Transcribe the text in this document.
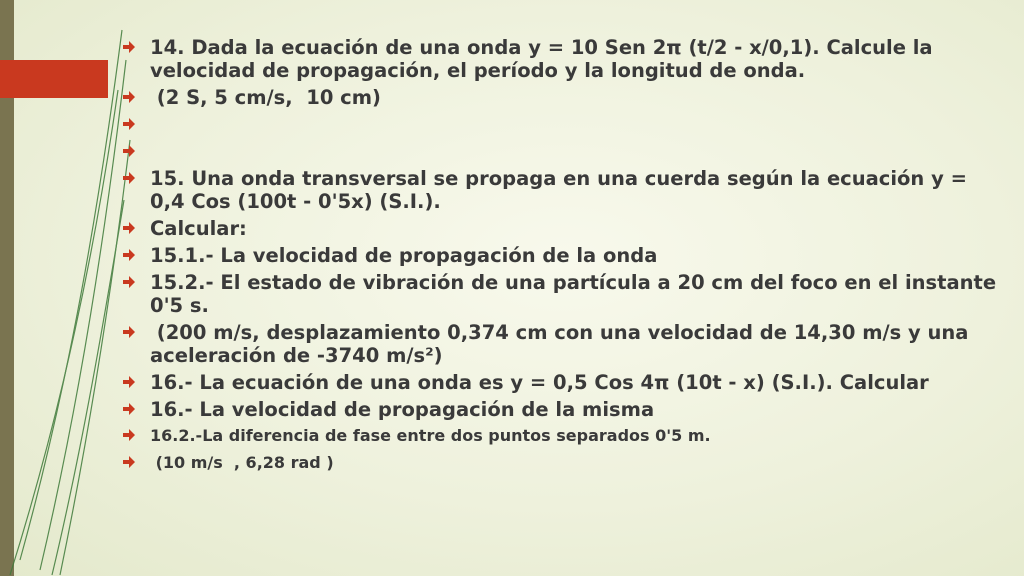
14. Dada la ecuación de una onda y = 10 Sen 2π (t/2 - x/0,1). Calcule la velocidad de propagación, el período y la longitud de onda.
(2 S, 5 cm/s,  10 cm)
15. Una onda transversal se propaga en una cuerda según la ecuación y = 0,4 Cos (100t - 0'5x) (S.I.).
Calcular:
15.1.- La velocidad de propagación de la onda
15.2.- El estado de vibración de una partícula a 20 cm del foco en el instante 0'5 s.
(200 m/s, desplazamiento 0,374 cm con una velocidad de 14,30 m/s y una aceleración de -3740 m/s²)
16.- La ecuación de una onda es y = 0,5 Cos 4π (10t - x) (S.I.). Calcular
16.- La velocidad de propagación de la misma
16.2.-La diferencia de fase entre dos puntos separados 0'5 m.
(10 m/s  , 6,28 rad )
